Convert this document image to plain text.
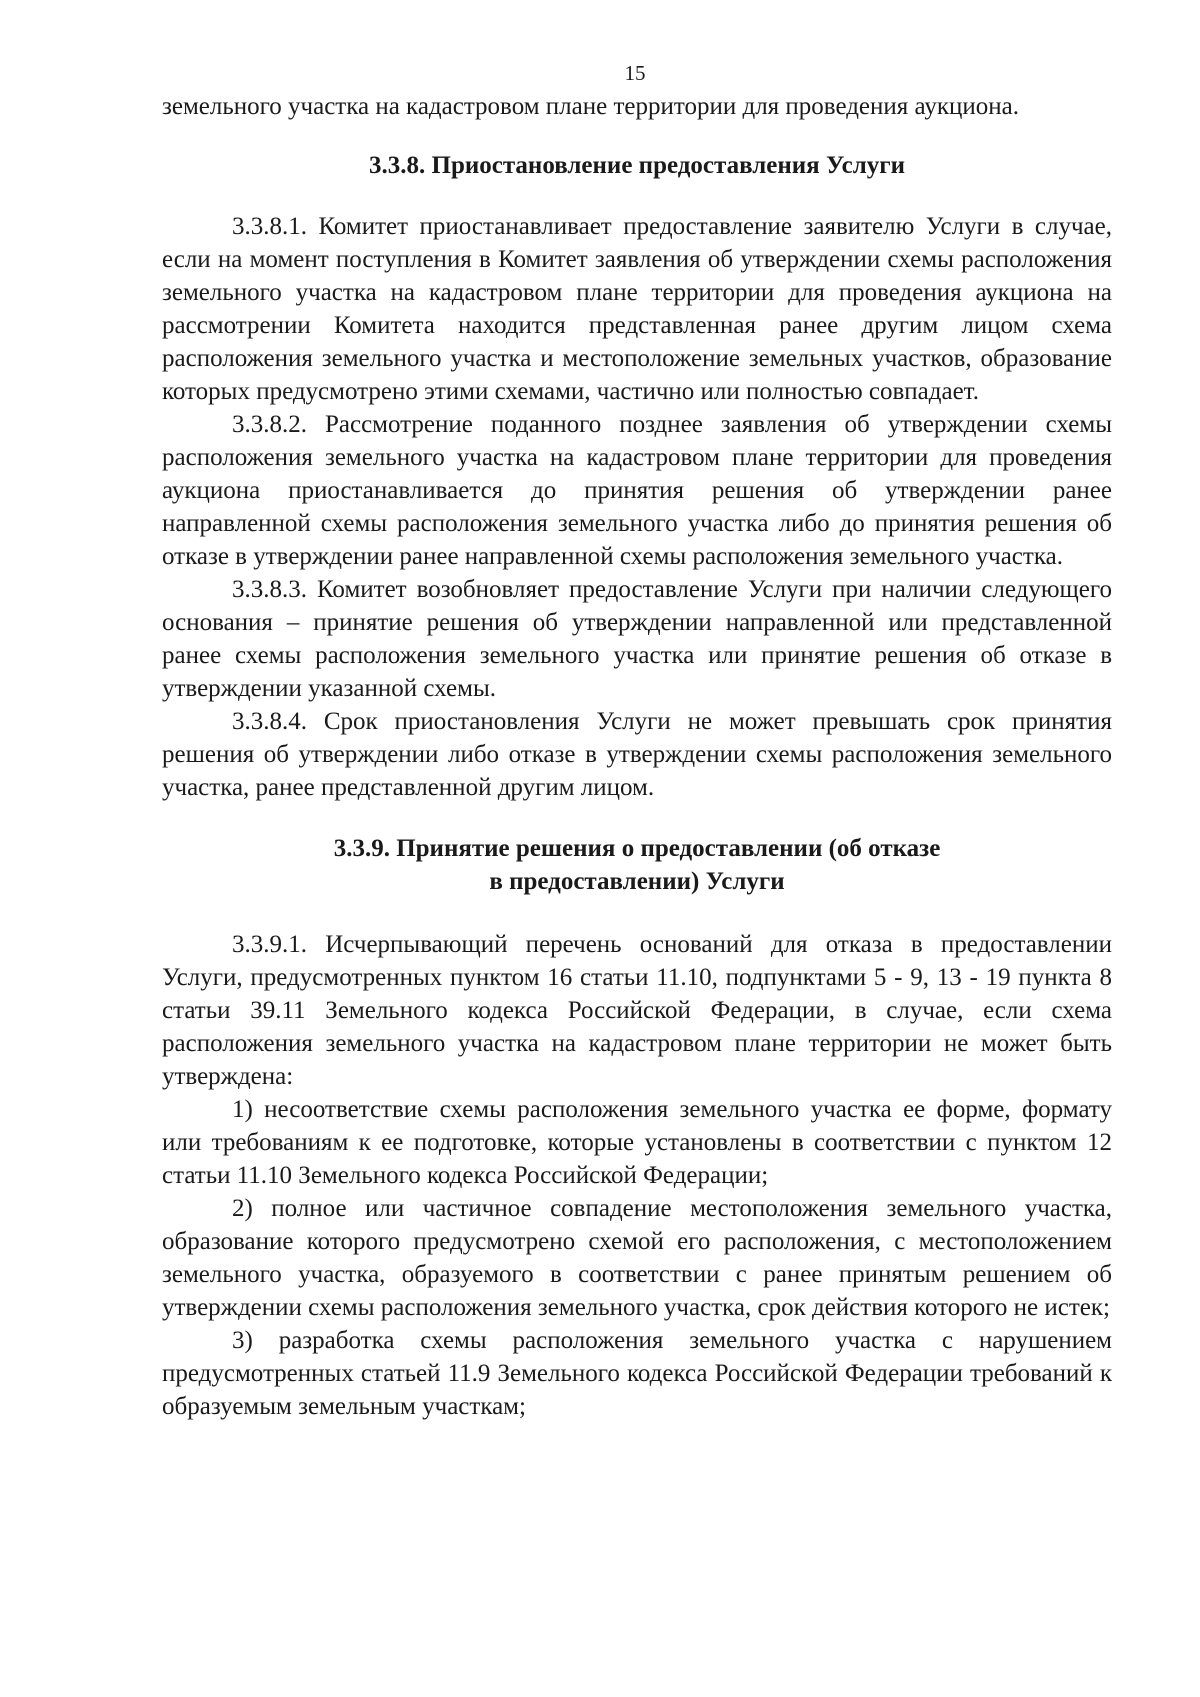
15

земельного участка на кадастровом плане территории для проведения аукциона.

3.3.8. Приостановление предоставления Услуги

3.3.8.1. Комитет приостанавливает предоставление заявителю Услуги в случае, если на момент поступления в Комитет заявления об утверждении схемы расположения земельного участка на кадастровом плане территории для проведения аукциона на рассмотрении Комитета находится представленная ранее другим лицом схема расположения земельного участка и местоположение земельных участков, образование которых предусмотрено этими схемами, частично или полностью совпадает.

3.3.8.2. Рассмотрение поданного позднее заявления об утверждении схемы расположения земельного участка на кадастровом плане территории для проведения аукциона приостанавливается до принятия решения об утверждении ранее направленной схемы расположения земельного участка либо до принятия решения об отказе в утверждении ранее направленной схемы расположения земельного участка.

3.3.8.3. Комитет возобновляет предоставление Услуги при наличии следующего основания – принятие решения об утверждении направленной или представленной ранее схемы расположения земельного участка или принятие решения об отказе в утверждении указанной схемы.

3.3.8.4. Срок приостановления Услуги не может превышать срок принятия решения об утверждении либо отказе в утверждении схемы расположения земельного участка, ранее представленной другим лицом.

3.3.9. Принятие решения о предоставлении (об отказе
в предоставлении) Услуги

3.3.9.1. Исчерпывающий перечень оснований для отказа в предоставлении Услуги, предусмотренных пунктом 16 статьи 11.10, подпунктами 5 - 9, 13 - 19 пункта 8 статьи 39.11 Земельного кодекса Российской Федерации, в случае, если схема расположения земельного участка на кадастровом плане территории не может быть утверждена:

1) несоответствие схемы расположения земельного участка ее форме, формату или требованиям к ее подготовке, которые установлены в соответствии с пунктом 12 статьи 11.10 Земельного кодекса Российской Федерации;

2) полное или частичное совпадение местоположения земельного участка, образование которого предусмотрено схемой его расположения, с местоположением земельного участка, образуемого в соответствии с ранее принятым решением об утверждении схемы расположения земельного участка, срок действия которого не истек;

3) разработка схемы расположения земельного участка с нарушением предусмотренных статьей 11.9 Земельного кодекса Российской Федерации требований к образуемым земельным участкам;
